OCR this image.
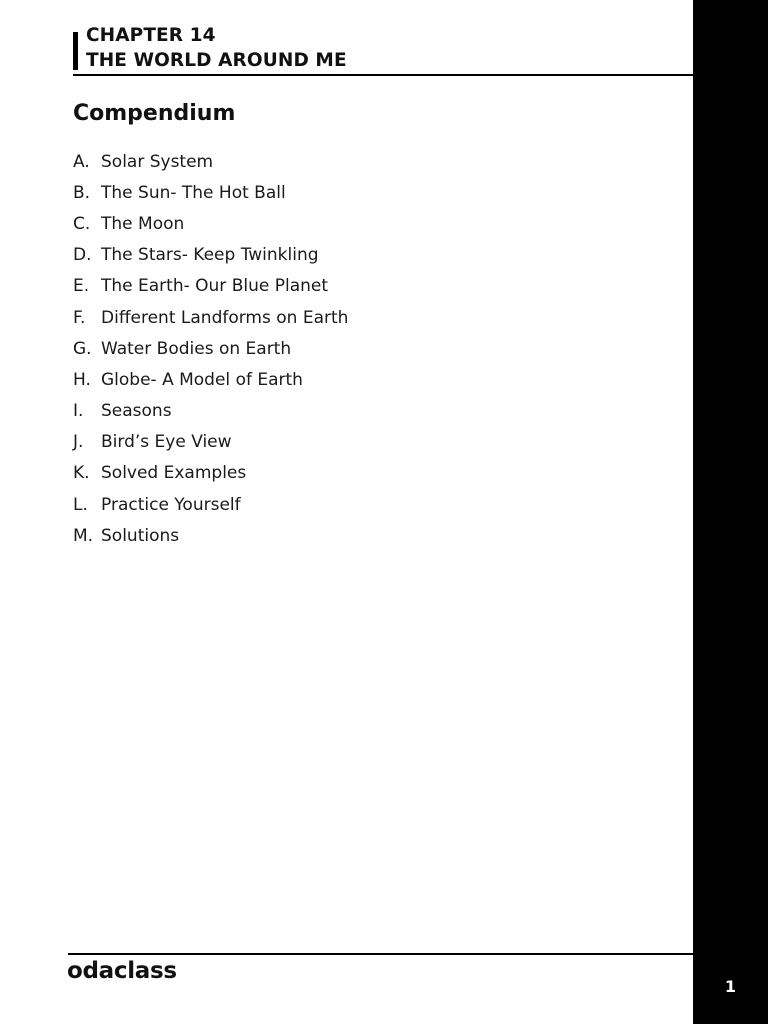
CHAPTER 14
THE WORLD AROUND ME
Compendium
A. Solar System
B. The Sun- The Hot Ball
C. The Moon
D. The Stars- Keep Twinkling
E. The Earth- Our Blue Planet
F. Different Landforms on Earth
G. Water Bodies on Earth
H. Globe- A Model of Earth
I.	Seasons
J.	Bird’s Eye View
K. Solved Examples
L. Practice Yourself
M. Solutions
odaclass
1
